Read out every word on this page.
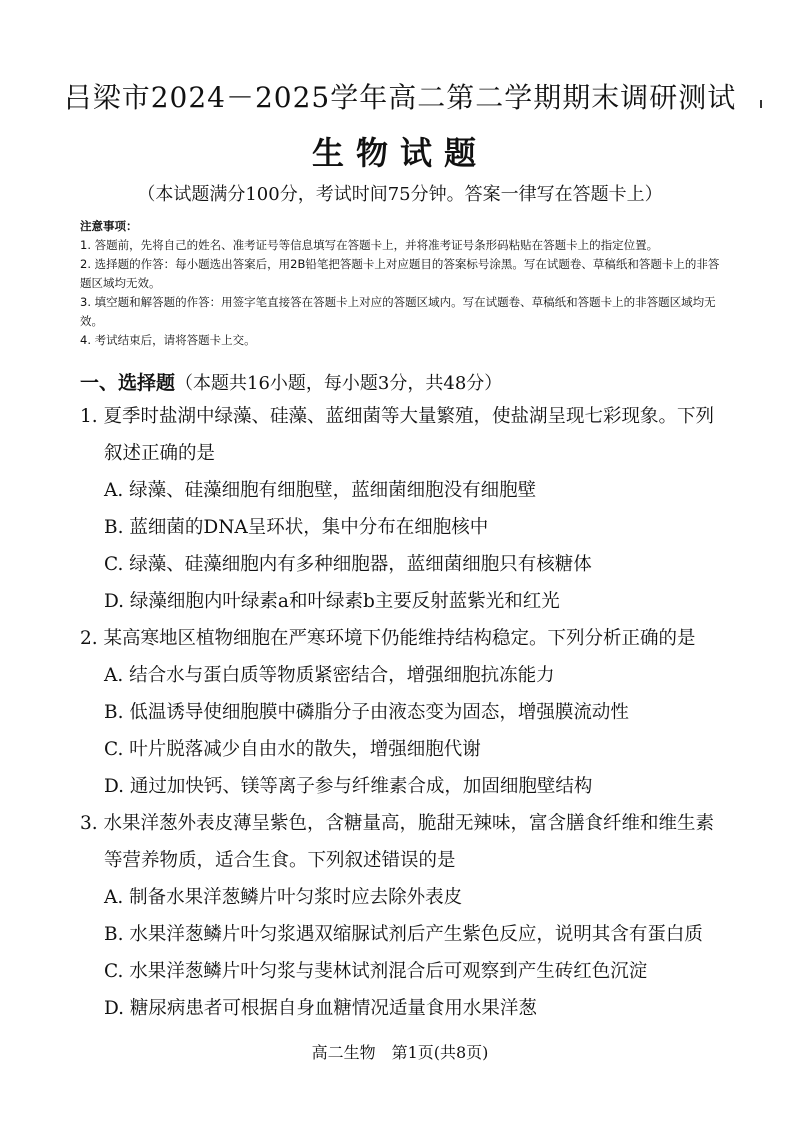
吕梁市2024－2025学年高二第二学期期末调研测试
生物试题
（本试题满分100分，考试时间75分钟。答案一律写在答题卡上）
注意事项：
1. 答题前，先将自己的姓名、准考证号等信息填写在答题卡上，并将准考证号条形码粘贴在答题卡上的指定位置。
2. 选择题的作答：每小题选出答案后，用2B铅笔把答题卡上对应题目的答案标号涂黑。写在试题卷、草稿纸和答题卡上的非答题区域均无效。
3. 填空题和解答题的作答：用签字笔直接答在答题卡上对应的答题区域内。写在试题卷、草稿纸和答题卡上的非答题区域均无效。
4. 考试结束后，请将答题卡上交。
一、选择题（本题共16小题，每小题3分，共48分）
1. 夏季时盐湖中绿藻、硅藻、蓝细菌等大量繁殖，使盐湖呈现七彩现象。下列叙述正确的是
A. 绿藻、硅藻细胞有细胞壁，蓝细菌细胞没有细胞壁
B. 蓝细菌的DNA呈环状，集中分布在细胞核中
C. 绿藻、硅藻细胞内有多种细胞器，蓝细菌细胞只有核糖体
D. 绿藻细胞内叶绿素a和叶绿素b主要反射蓝紫光和红光
2. 某高寒地区植物细胞在严寒环境下仍能维持结构稳定。下列分析正确的是
A. 结合水与蛋白质等物质紧密结合，增强细胞抗冻能力
B. 低温诱导使细胞膜中磷脂分子由液态变为固态，增强膜流动性
C. 叶片脱落减少自由水的散失，增强细胞代谢
D. 通过加快钙、镁等离子参与纤维素合成，加固细胞壁结构
3. 水果洋葱外表皮薄呈紫色，含糖量高，脆甜无辣味，富含膳食纤维和维生素等营养物质，适合生食。下列叙述错误的是
A. 制备水果洋葱鳞片叶匀浆时应去除外表皮
B. 水果洋葱鳞片叶匀浆遇双缩脲试剂后产生紫色反应，说明其含有蛋白质
C. 水果洋葱鳞片叶匀浆与斐林试剂混合后可观察到产生砖红色沉淀
D. 糖尿病患者可根据自身血糖情况适量食用水果洋葱
高二生物　第1页(共8页)
